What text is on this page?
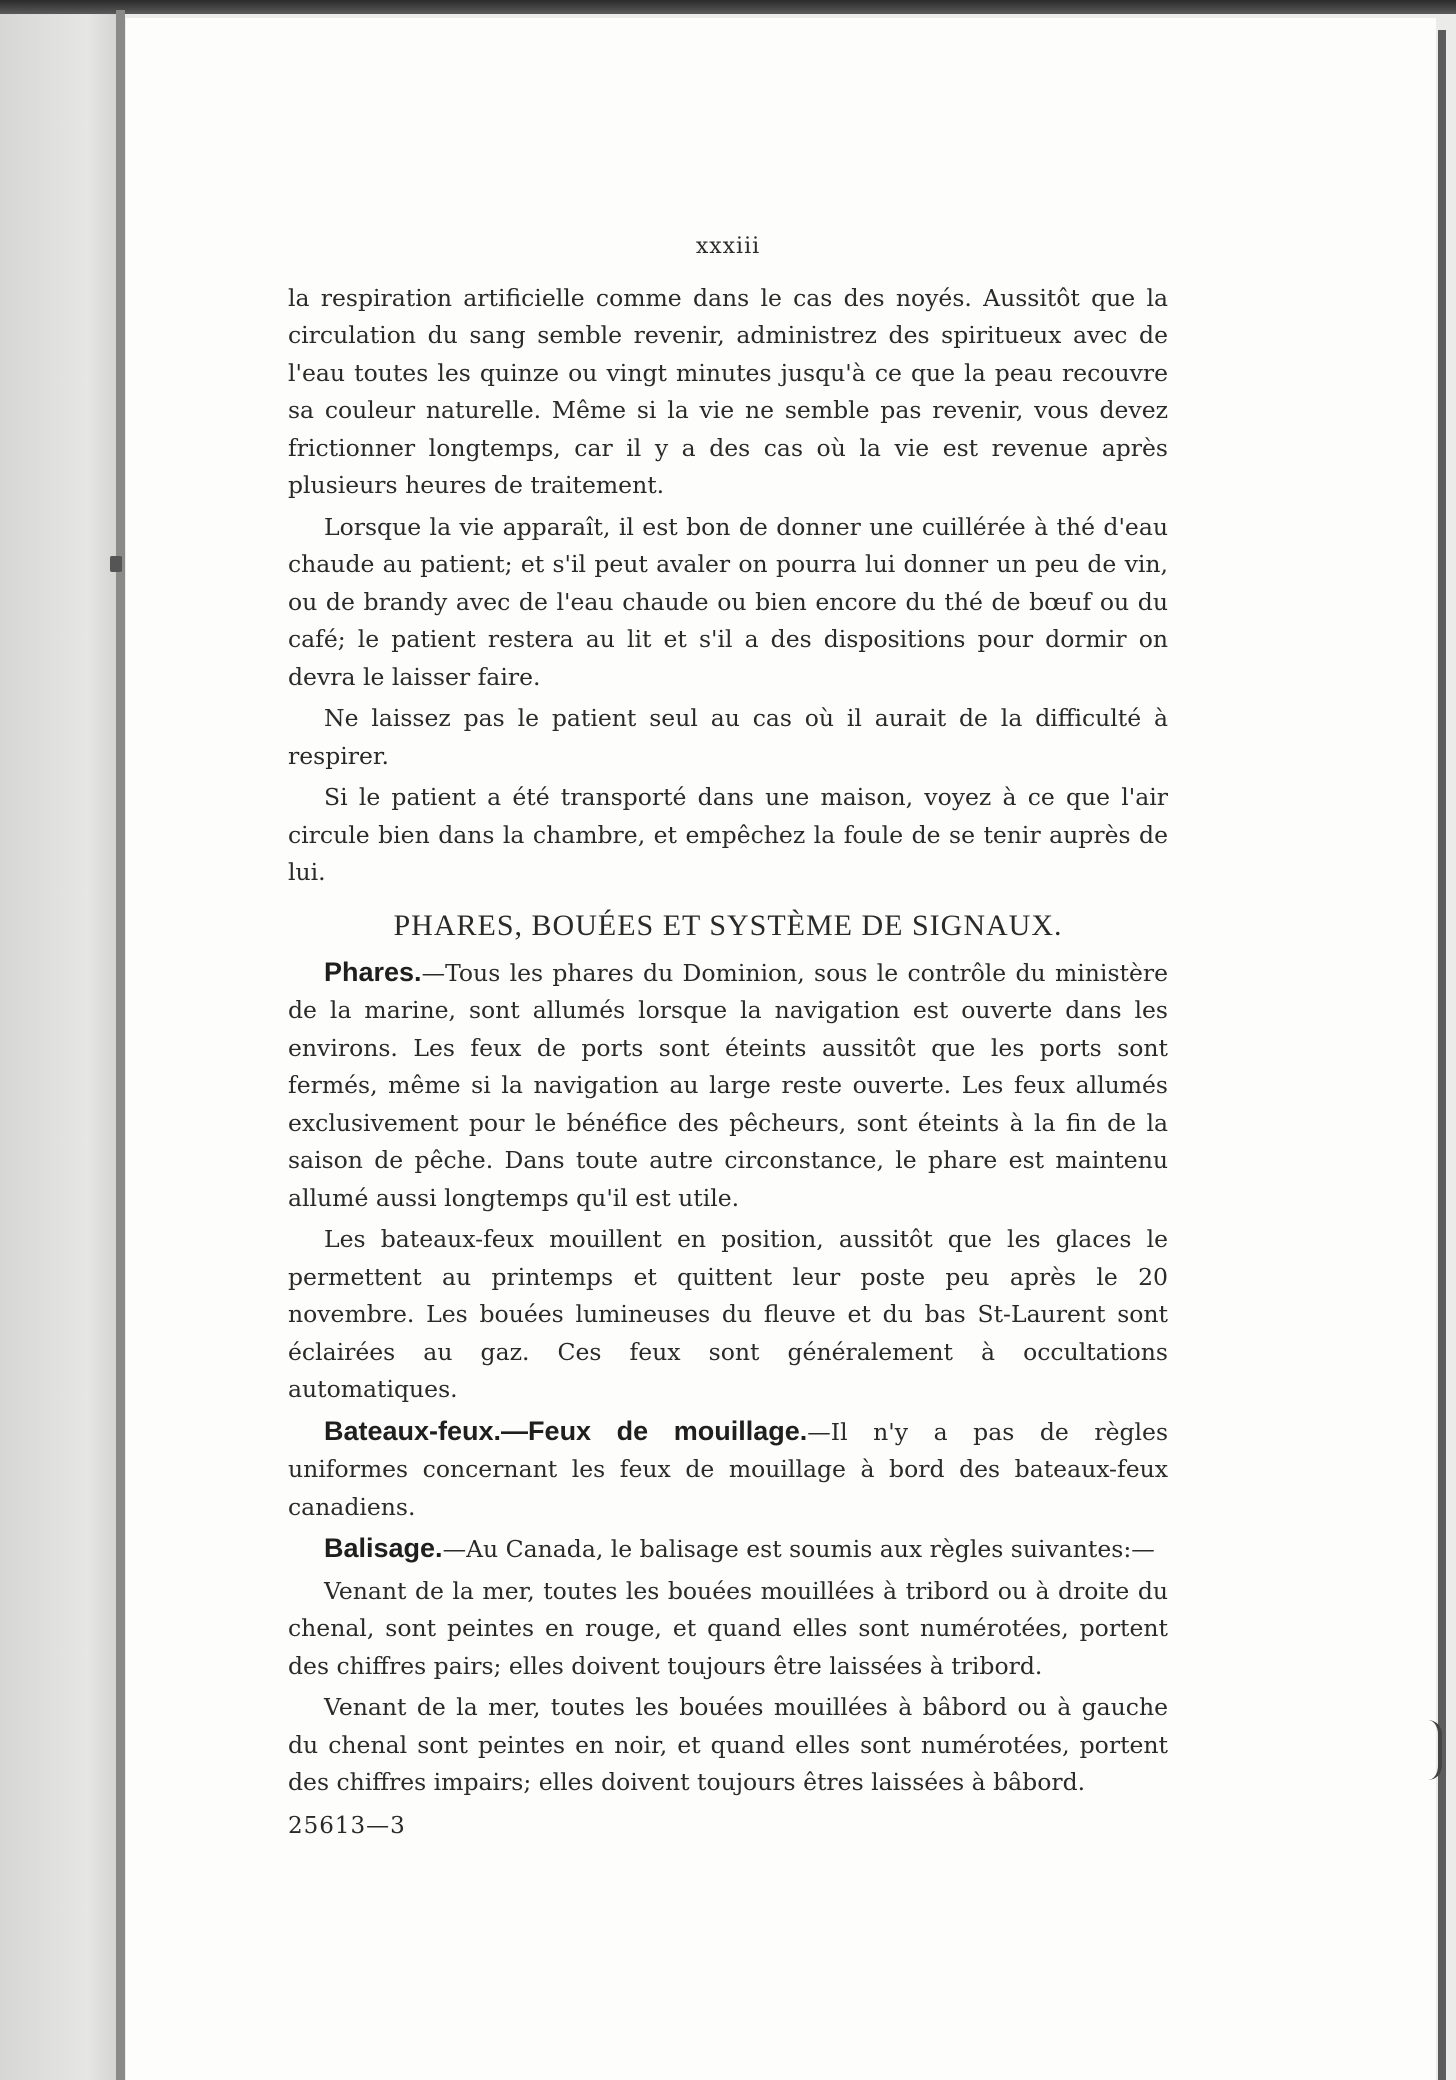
xxxiii

la respiration artificielle comme dans le cas des noyés. Aussitôt que la circulation du sang semble revenir, administrez des spiritueux avec de l'eau toutes les quinze ou vingt minutes jusqu'à ce que la peau recouvre sa couleur naturelle. Même si la vie ne semble pas revenir, vous devez frictionner longtemps, car il y a des cas où la vie est revenue après plusieurs heures de traitement.

Lorsque la vie apparaît, il est bon de donner une cuillérée à thé d'eau chaude au patient; et s'il peut avaler on pourra lui donner un peu de vin, ou de brandy avec de l'eau chaude ou bien encore du thé de bœuf ou du café; le patient restera au lit et s'il a des dispositions pour dormir on devra le laisser faire.

Ne laissez pas le patient seul au cas où il aurait de la difficulté à respirer.

Si le patient a été transporté dans une maison, voyez à ce que l'air circule bien dans la chambre, et empêchez la foule de se tenir auprès de lui.

PHARES, BOUÉES ET SYSTÈME DE SIGNAUX.

Phares.—Tous les phares du Dominion, sous le contrôle du ministère de la marine, sont allumés lorsque la navigation est ouverte dans les environs. Les feux de ports sont éteints aussitôt que les ports sont fermés, même si la navigation au large reste ouverte. Les feux allumés exclusivement pour le bénéfice des pêcheurs, sont éteints à la fin de la saison de pêche. Dans toute autre circonstance, le phare est maintenu allumé aussi longtemps qu'il est utile.

Les bateaux-feux mouillent en position, aussitôt que les glaces le permettent au printemps et quittent leur poste peu après le 20 novembre. Les bouées lumineuses du fleuve et du bas St-Laurent sont éclairées au gaz. Ces feux sont généralement à occultations automatiques.

Bateaux-feux.—Feux de mouillage.—Il n'y a pas de règles uniformes concernant les feux de mouillage à bord des bateaux-feux canadiens.

Balisage.—Au Canada, le balisage est soumis aux règles suivantes:—

Venant de la mer, toutes les bouées mouillées à tribord ou à droite du chenal, sont peintes en rouge, et quand elles sont numérotées, portent des chiffres pairs; elles doivent toujours être laissées à tribord.

Venant de la mer, toutes les bouées mouillées à bâbord ou à gauche du chenal sont peintes en noir, et quand elles sont numérotées, portent des chiffres impairs; elles doivent toujours êtres laissées à bâbord.

25613—3
